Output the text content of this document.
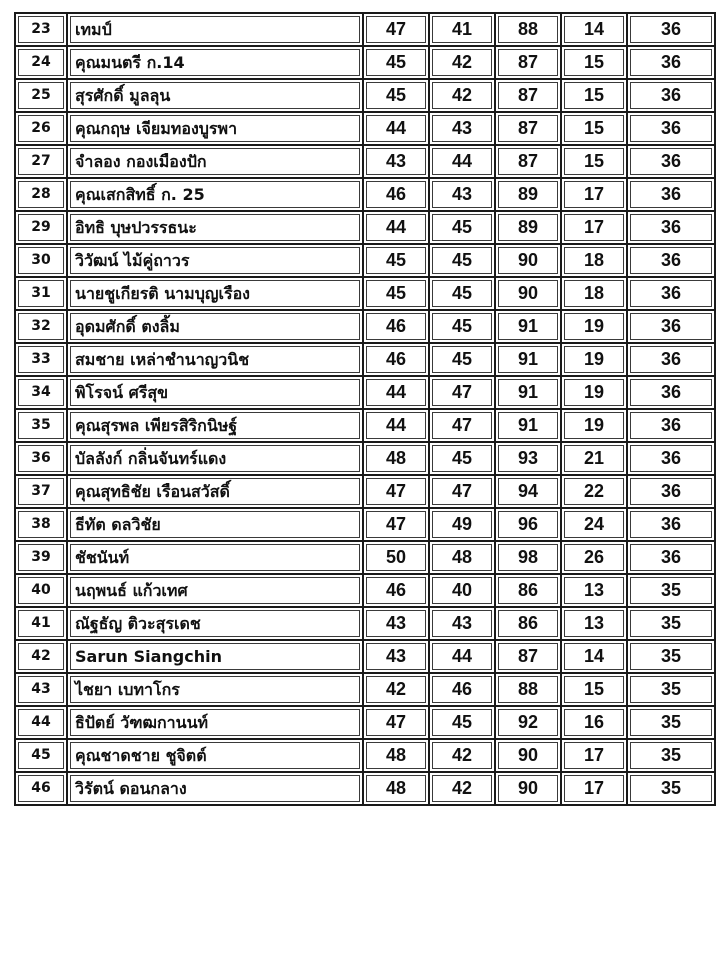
23	เทมป์	47	41	88	14	36

24	คุณมนตรี ก.14	45	42	87	15	36

25	สุรศักดิ์ มูลลุน	45	42	87	15	36

26	คุณกฤษ เจียมทองบูรพา	44	43	87	15	36

27	จำลอง กองเมืองปัก	43	44	87	15	36

28	คุณเสกสิทธิ์ ก. 25	46	43	89	17	36

29	อิทธิ บุษปวรรธนะ	44	45	89	17	36

30	วิวัฒน์ ไม้คู่ถาวร	45	45	90	18	36

31	นายชูเกียรติ นามบุญเรือง	45	45	90	18	36

32	อุดมศักดิ์ ตงลิ้ม	46	45	91	19	36

33	สมชาย เหล่าชำนาญวนิช	46	45	91	19	36

34	พิโรจน์ ศรีสุข	44	47	91	19	36

35	คุณสุรพล เพียรสิริกนิษฐ์	44	47	91	19	36

36	บัลลังก์ กลิ่นจันทร์แดง	48	45	93	21	36

37	คุณสุทธิชัย เรือนสวัสดิ์	47	47	94	22	36

38	ธีทัต ดลวิชัย	47	49	96	24	36

39	ชัชนันท์	50	48	98	26	36

40	นฤพนธ์ แก้วเทศ	46	40	86	13	35

41	ณัฐธัญ ติวะสุรเดช	43	43	86	13	35

42	Sarun Siangchin	43	44	87	14	35

43	ไชยา เบทาโกร	42	46	88	15	35

44	ธิปัตย์ วัฑฒกานนท์	47	45	92	16	35

45	คุณชาดชาย ชูจิตต์	48	42	90	17	35

46	วิรัตน์ ดอนกลาง	48	42	90	17	35
